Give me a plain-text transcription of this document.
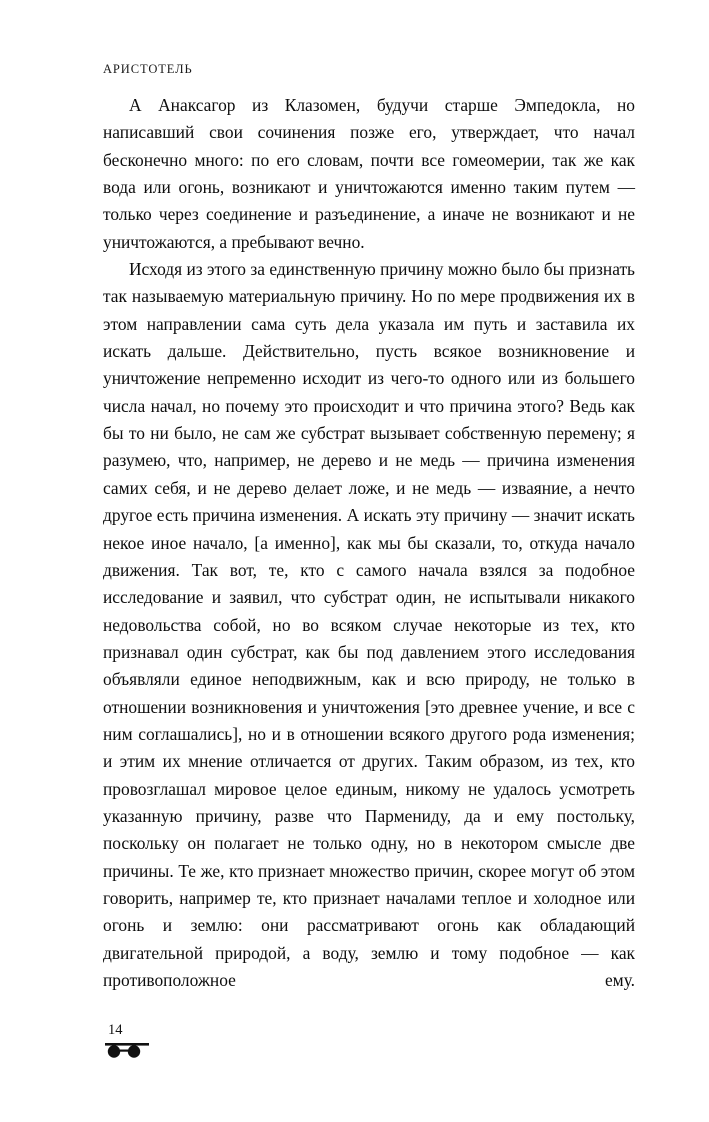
АРИСТОТЕЛЬ

А Анаксагор из Клазомен, будучи старше Эмпедокла, но написавший свои сочинения позже его, утверждает, что начал бесконечно много: по его словам, почти все гомеомерии, так же как вода или огонь, возникают и уничтожаются именно таким путем — только через соединение и разъединение, а иначе не возникают и не уничтожаются, а пребывают вечно.

Исходя из этого за единственную причину можно было бы признать так называемую материальную причину. Но по мере продвижения их в этом направлении сама суть дела указала им путь и заставила их искать дальше. Действительно, пусть всякое возникновение и уничтожение непременно исходит из чего-то одного или из большего числа начал, но почему это происходит и что причина этого? Ведь как бы то ни было, не сам же субстрат вызывает собственную перемену; я разумею, что, например, не дерево и не медь — причина изменения самих себя, и не дерево делает ложе, и не медь — изваяние, а нечто другое есть причина изменения. А искать эту причину — значит искать некое иное начало, [а именно], как мы бы сказали, то, откуда начало движения. Так вот, те, кто с самого начала взялся за подобное исследование и заявил, что субстрат один, не испытывали никакого недовольства собой, но во всяком случае некоторые из тех, кто признавал один субстрат, как бы под давлением этого исследования объявляли единое неподвижным, как и всю природу, не только в отношении возникновения и уничтожения [это древнее учение, и все с ним соглашались], но и в отношении всякого другого рода изменения; и этим их мнение отличается от других. Таким образом, из тех, кто провозглашал мировое целое единым, никому не удалось усмотреть указанную причину, разве что Пармениду, да и ему постольку, поскольку он полагает не только одну, но в некотором смысле две причины. Те же, кто признает множество причин, скорее могут об этом говорить, например те, кто признает началами теплое и холодное или огонь и землю: они рассматривают огонь как обладающий двигательной природой, а воду, землю и тому подобное — как противоположное ему.

14
